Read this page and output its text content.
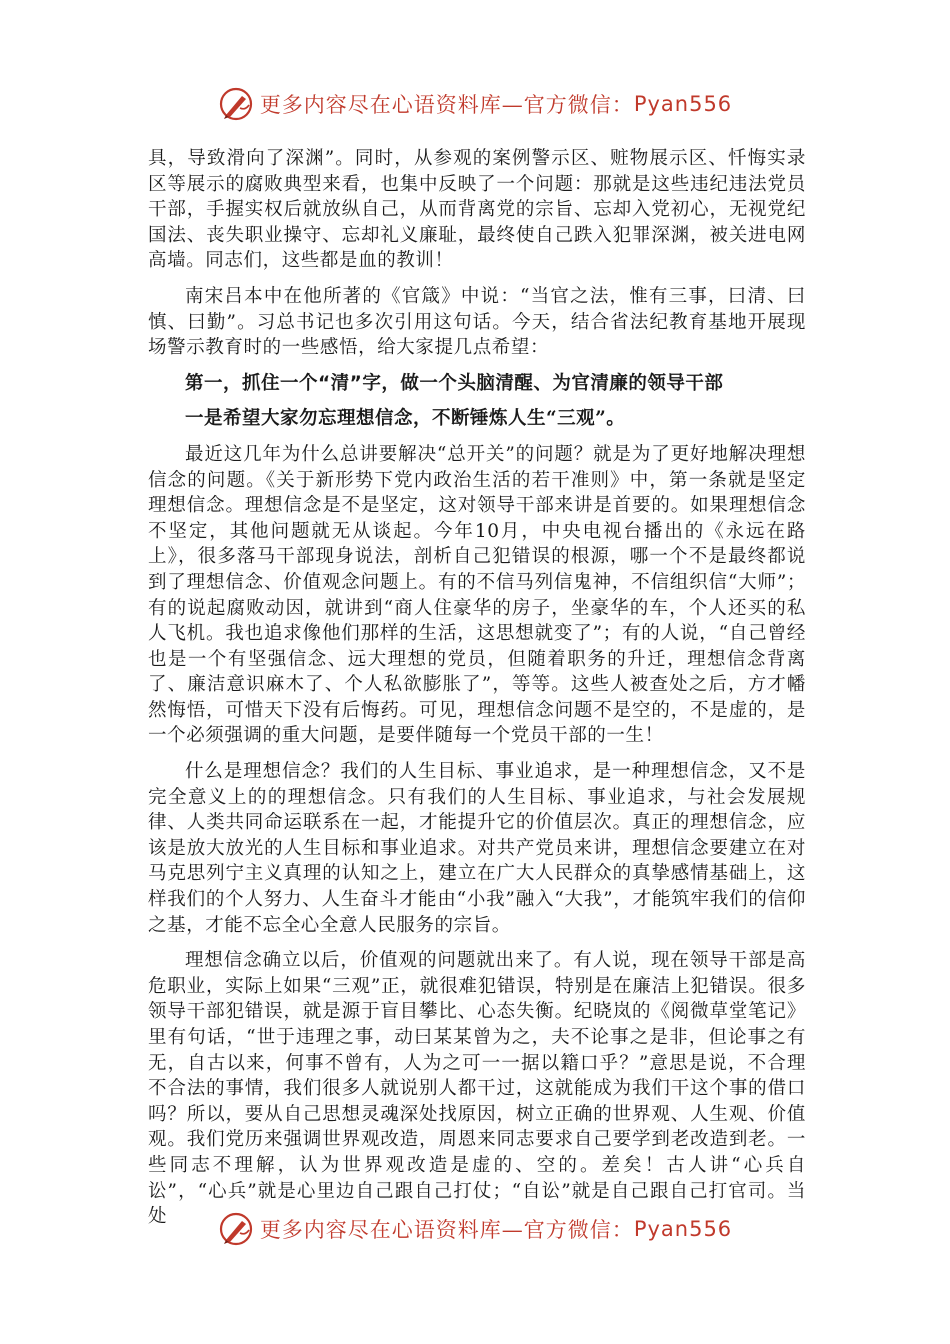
更多内容尽在心语资料库—官方微信： Pyan556

具，导致滑向了深渊”。同时，从参观的案例警示区、赃物展示区、忏悔实录区等展示的腐败典型来看，也集中反映了一个问题：那就是这些违纪违法党员干部，手握实权后就放纵自己，从而背离党的宗旨、忘却入党初心，无视党纪国法、丧失职业操守、忘却礼义廉耻，最终使自己跌入犯罪深渊，被关进电网高墙。同志们，这些都是血的教训！

南宋吕本中在他所著的《官箴》中说：“当官之法，惟有三事，曰清、曰慎、曰勤”。习总书记也多次引用这句话。今天，结合省法纪教育基地开展现场警示教育时的一些感悟，给大家提几点希望：

第一，抓住一个“清”字，做一个头脑清醒、为官清廉的领导干部
一是希望大家勿忘理想信念，不断锤炼人生“三观”。

最近这几年为什么总讲要解决“总开关”的问题？就是为了更好地解决理想信念的问题。《关于新形势下党内政治生活的若干准则》中，第一条就是坚定理想信念。理想信念是不是坚定，这对领导干部来讲是首要的。如果理想信念不坚定，其他问题就无从谈起。今年10月，中央电视台播出的《永远在路上》，很多落马干部现身说法，剖析自己犯错误的根源，哪一个不是最终都说到了理想信念、价值观念问题上。有的不信马列信鬼神，不信组织信“大师”；有的说起腐败动因，就讲到“商人住豪华的房子，坐豪华的车，个人还买的私人飞机。我也追求像他们那样的生活，这思想就变了”；有的人说，“自己曾经也是一个有坚强信念、远大理想的党员，但随着职务的升迁，理想信念背离了、廉洁意识麻木了、个人私欲膨胀了”，等等。这些人被查处之后，方才幡然悔悟，可惜天下没有后悔药。可见，理想信念问题不是空的，不是虚的，是一个必须强调的重大问题，是要伴随每一个党员干部的一生！

什么是理想信念？我们的人生目标、事业追求，是一种理想信念，又不是完全意义上的的理想信念。只有我们的人生目标、事业追求，与社会发展规律、人类共同命运联系在一起，才能提升它的价值层次。真正的理想信念，应该是放大放光的人生目标和事业追求。对共产党员来讲，理想信念要建立在对马克思列宁主义真理的认知之上，建立在广大人民群众的真挚感情基础上，这样我们的个人努力、人生奋斗才能由“小我”融入“大我”，才能筑牢我们的信仰之基，才能不忘全心全意人民服务的宗旨。

理想信念确立以后，价值观的问题就出来了。有人说，现在领导干部是高危职业，实际上如果“三观”正，就很难犯错误，特别是在廉洁上犯错误。很多领导干部犯错误，就是源于盲目攀比、心态失衡。纪晓岚的《阅微草堂笔记》里有句话，“世于违理之事，动曰某某曾为之，夫不论事之是非，但论事之有无，自古以来，何事不曾有，人为之可一一据以籍口乎？”意思是说，不合理不合法的事情，我们很多人就说别人都干过，这就能成为我们干这个事的借口吗？所以，要从自己思想灵魂深处找原因，树立正确的世界观、人生观、价值观。我们党历来强调世界观改造，周恩来同志要求自己要学到老改造到老。一些同志不理解，认为世界观改造是虚的、空的。差矣！古人讲“心兵自讼”，“心兵”就是心里边自己跟自己打仗；“自讼”就是自己跟自己打官司。当处

更多内容尽在心语资料库—官方微信： Pyan556
